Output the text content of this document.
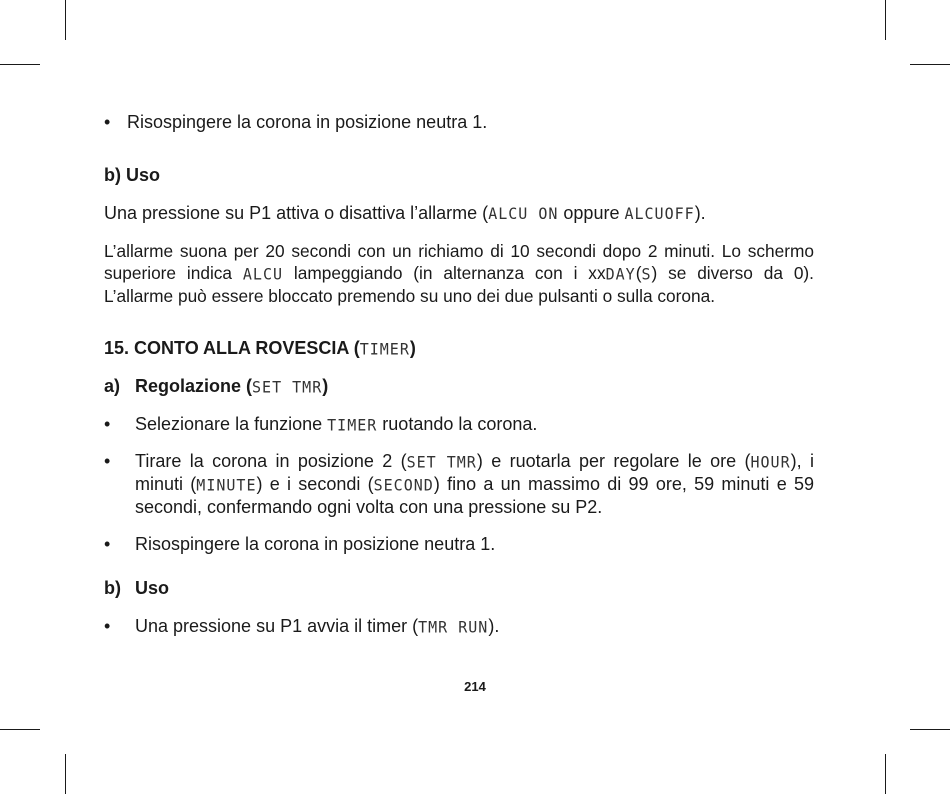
• Risospingere la corona in posizione neutra 1.
b) Uso
Una pressione su P1 attiva o disattiva l’allarme (ALCU ON oppure ALCUOFF).
L’allarme suona per 20 secondi con un richiamo di 10 secondi dopo 2 minuti. Lo schermo superiore indica ALCU lampeggiando (in alternanza con i xxDAY(S) se diverso da 0). L’allarme può essere bloccato premendo su uno dei due pulsanti o sulla corona.
15. CONTO ALLA ROVESCIA (TIMER)
a) Regolazione (SET TMR)
• Selezionare la funzione TIMER ruotando la corona.
• Tirare la corona in posizione 2 (SET TMR) e ruotarla per regolare le ore (HOUR), i minuti (MINUTE) e i secondi (SECOND) fino a un massimo di 99 ore, 59 minuti e 59 secondi, confermando ogni volta con una pressione su P2.
• Risospingere la corona in posizione neutra 1.
b) Uso
• Una pressione su P1 avvia il timer (TMR RUN).
214
